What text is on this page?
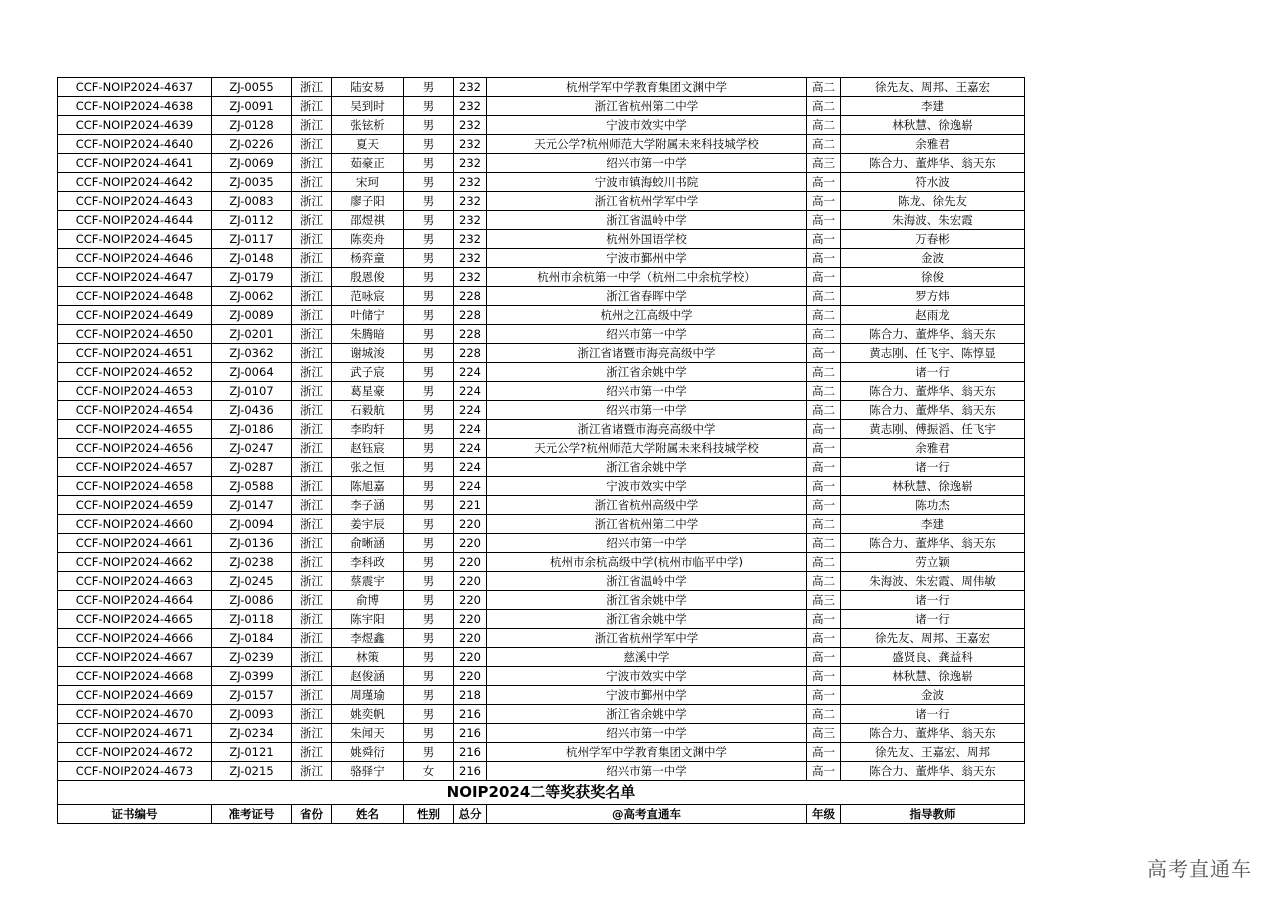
CCF-NOIP2024-4637	ZJ-0055	浙江	陆安易	男	232	杭州学军中学教育集团文渊中学	高二	徐先友、周邦、王嘉宏
CCF-NOIP2024-4638	ZJ-0091	浙江	吴到时	男	232	浙江省杭州第二中学	高二	李建
CCF-NOIP2024-4639	ZJ-0128	浙江	张铉析	男	232	宁波市效实中学	高二	林秋慧、徐逸崭
CCF-NOIP2024-4640	ZJ-0226	浙江	夏天	男	232	天元公学?杭州师范大学附属未来科技城学校	高二	余雅君
CCF-NOIP2024-4641	ZJ-0069	浙江	茹豪正	男	232	绍兴市第一中学	高三	陈合力、董烨华、翁天东
CCF-NOIP2024-4642	ZJ-0035	浙江	宋珂	男	232	宁波市镇海蛟川书院	高一	符水波
CCF-NOIP2024-4643	ZJ-0083	浙江	廖子阳	男	232	浙江省杭州学军中学	高一	陈龙、徐先友
CCF-NOIP2024-4644	ZJ-0112	浙江	邵煜祺	男	232	浙江省温岭中学	高一	朱海波、朱宏霞
CCF-NOIP2024-4645	ZJ-0117	浙江	陈奕舟	男	232	杭州外国语学校	高一	万春彬
CCF-NOIP2024-4646	ZJ-0148	浙江	杨弈童	男	232	宁波市鄞州中学	高一	金波
CCF-NOIP2024-4647	ZJ-0179	浙江	殷恩俊	男	232	杭州市余杭第一中学（杭州二中余杭学校）	高一	徐俊
CCF-NOIP2024-4648	ZJ-0062	浙江	范咏宸	男	228	浙江省春晖中学	高二	罗方炜
CCF-NOIP2024-4649	ZJ-0089	浙江	叶储宁	男	228	杭州之江高级中学	高二	赵雨龙
CCF-NOIP2024-4650	ZJ-0201	浙江	朱腾暗	男	228	绍兴市第一中学	高二	陈合力、董烨华、翁天东
CCF-NOIP2024-4651	ZJ-0362	浙江	谢城浚	男	228	浙江省诸暨市海亮高级中学	高一	黄志刚、任飞宇、陈惇显
CCF-NOIP2024-4652	ZJ-0064	浙江	武子宸	男	224	浙江省余姚中学	高二	诸一行
CCF-NOIP2024-4653	ZJ-0107	浙江	葛星豪	男	224	绍兴市第一中学	高二	陈合力、董烨华、翁天东
CCF-NOIP2024-4654	ZJ-0436	浙江	石毅航	男	224	绍兴市第一中学	高二	陈合力、董烨华、翁天东
CCF-NOIP2024-4655	ZJ-0186	浙江	李昀轩	男	224	浙江省诸暨市海亮高级中学	高一	黄志刚、傅振滔、任飞宇
CCF-NOIP2024-4656	ZJ-0247	浙江	赵钰宸	男	224	天元公学?杭州师范大学附属未来科技城学校	高一	余雅君
CCF-NOIP2024-4657	ZJ-0287	浙江	张之恒	男	224	浙江省余姚中学	高一	诸一行
CCF-NOIP2024-4658	ZJ-0588	浙江	陈旭嘉	男	224	宁波市效实中学	高一	林秋慧、徐逸崭
CCF-NOIP2024-4659	ZJ-0147	浙江	李子涵	男	221	浙江省杭州高级中学	高一	陈功杰
CCF-NOIP2024-4660	ZJ-0094	浙江	姜宇辰	男	220	浙江省杭州第二中学	高二	李建
CCF-NOIP2024-4661	ZJ-0136	浙江	俞晰涵	男	220	绍兴市第一中学	高二	陈合力、董烨华、翁天东
CCF-NOIP2024-4662	ZJ-0238	浙江	李科政	男	220	杭州市余杭高级中学(杭州市临平中学)	高二	劳立颖
CCF-NOIP2024-4663	ZJ-0245	浙江	蔡震宇	男	220	浙江省温岭中学	高二	朱海波、朱宏霞、周伟敏
CCF-NOIP2024-4664	ZJ-0086	浙江	俞博	男	220	浙江省余姚中学	高三	诸一行
CCF-NOIP2024-4665	ZJ-0118	浙江	陈宇阳	男	220	浙江省余姚中学	高一	诸一行
CCF-NOIP2024-4666	ZJ-0184	浙江	李煜鑫	男	220	浙江省杭州学军中学	高一	徐先友、周邦、王嘉宏
CCF-NOIP2024-4667	ZJ-0239	浙江	林策	男	220	慈溪中学	高一	盛贤良、龚益科
CCF-NOIP2024-4668	ZJ-0399	浙江	赵俊涵	男	220	宁波市效实中学	高一	林秋慧、徐逸崭
CCF-NOIP2024-4669	ZJ-0157	浙江	周瑾瑜	男	218	宁波市鄞州中学	高一	金波
CCF-NOIP2024-4670	ZJ-0093	浙江	姚奕帆	男	216	浙江省余姚中学	高二	诸一行
CCF-NOIP2024-4671	ZJ-0234	浙江	朱闻天	男	216	绍兴市第一中学	高三	陈合力、董烨华、翁天东
CCF-NOIP2024-4672	ZJ-0121	浙江	姚舜衍	男	216	杭州学军中学教育集团文渊中学	高一	徐先友、王嘉宏、周邦
CCF-NOIP2024-4673	ZJ-0215	浙江	骆驿宁	女	216	绍兴市第一中学	高一	陈合力、董烨华、翁天东
NOIP2024二等奖获奖名单								
证书编号	准考证号	省份	姓名	性别	总分	@高考直通车	年级	指导教师
高考直通车
